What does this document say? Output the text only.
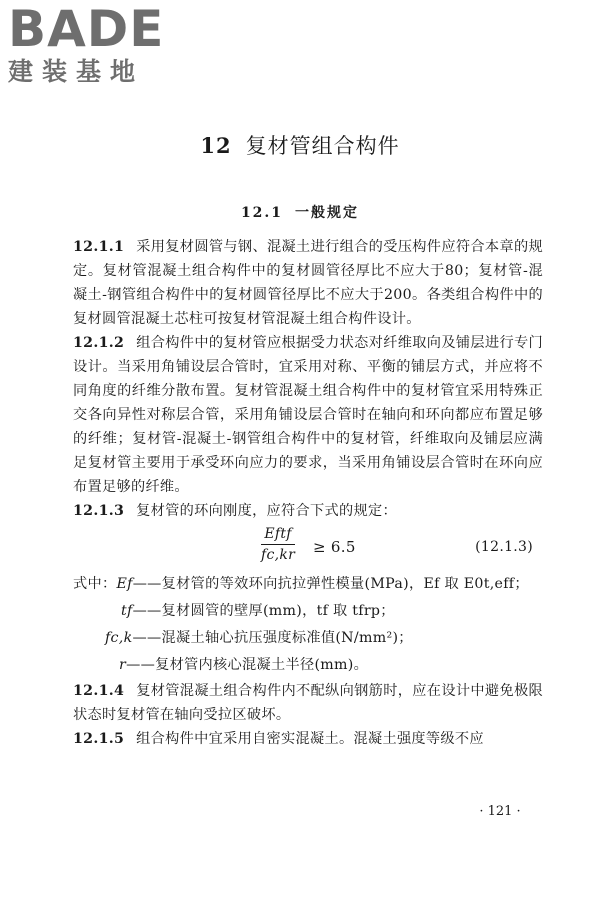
BADE
建装基地
12 复材管组合构件
12.1 一般规定

12.1.1 采用复材圆管与钢、混凝土进行组合的受压构件应符合本章的规定。复材管混凝土组合构件中的复材圆管径厚比不应大于80；复材管-混凝土-钢管组合构件中的复材圆管径厚比不应大于200。各类组合构件中的复材圆管混凝土芯柱可按复材管混凝土组合构件设计。

12.1.2 组合构件中的复材管应根据受力状态对纤维取向及铺层进行专门设计。当采用角铺设层合管时，宜采用对称、平衡的铺层方式，并应将不同角度的纤维分散布置。复材管混凝土组合构件中的复材管宜采用特殊正交各向异性对称层合管，采用角铺设层合管时在轴向和环向都应布置足够的纤维；复材管-混凝土-钢管组合构件中的复材管，纤维取向及铺层应满足复材管主要用于承受环向应力的要求，当采用角铺设层合管时在环向应布置足够的纤维。

12.1.3 复材管的环向刚度，应符合下式的规定：

Eftf
fc,kr ≥ 6.5	(12.1.3)
式中：Ef——复材管的等效环向抗拉弹性模量(MPa)，Ef 取 E0t,eff；
tf——复材圆管的壁厚(mm)，tf 取 tfrp；
fc,k——混凝土轴心抗压强度标准值(N/mm²)；
r——复材管内核心混凝土半径(mm)。

12.1.4 复材管混凝土组合构件内不配纵向钢筋时，应在设计中避免极限状态时复材管在轴向受拉区破坏。

12.1.5 组合构件中宜采用自密实混凝土。混凝土强度等级不应

· 121 ·
